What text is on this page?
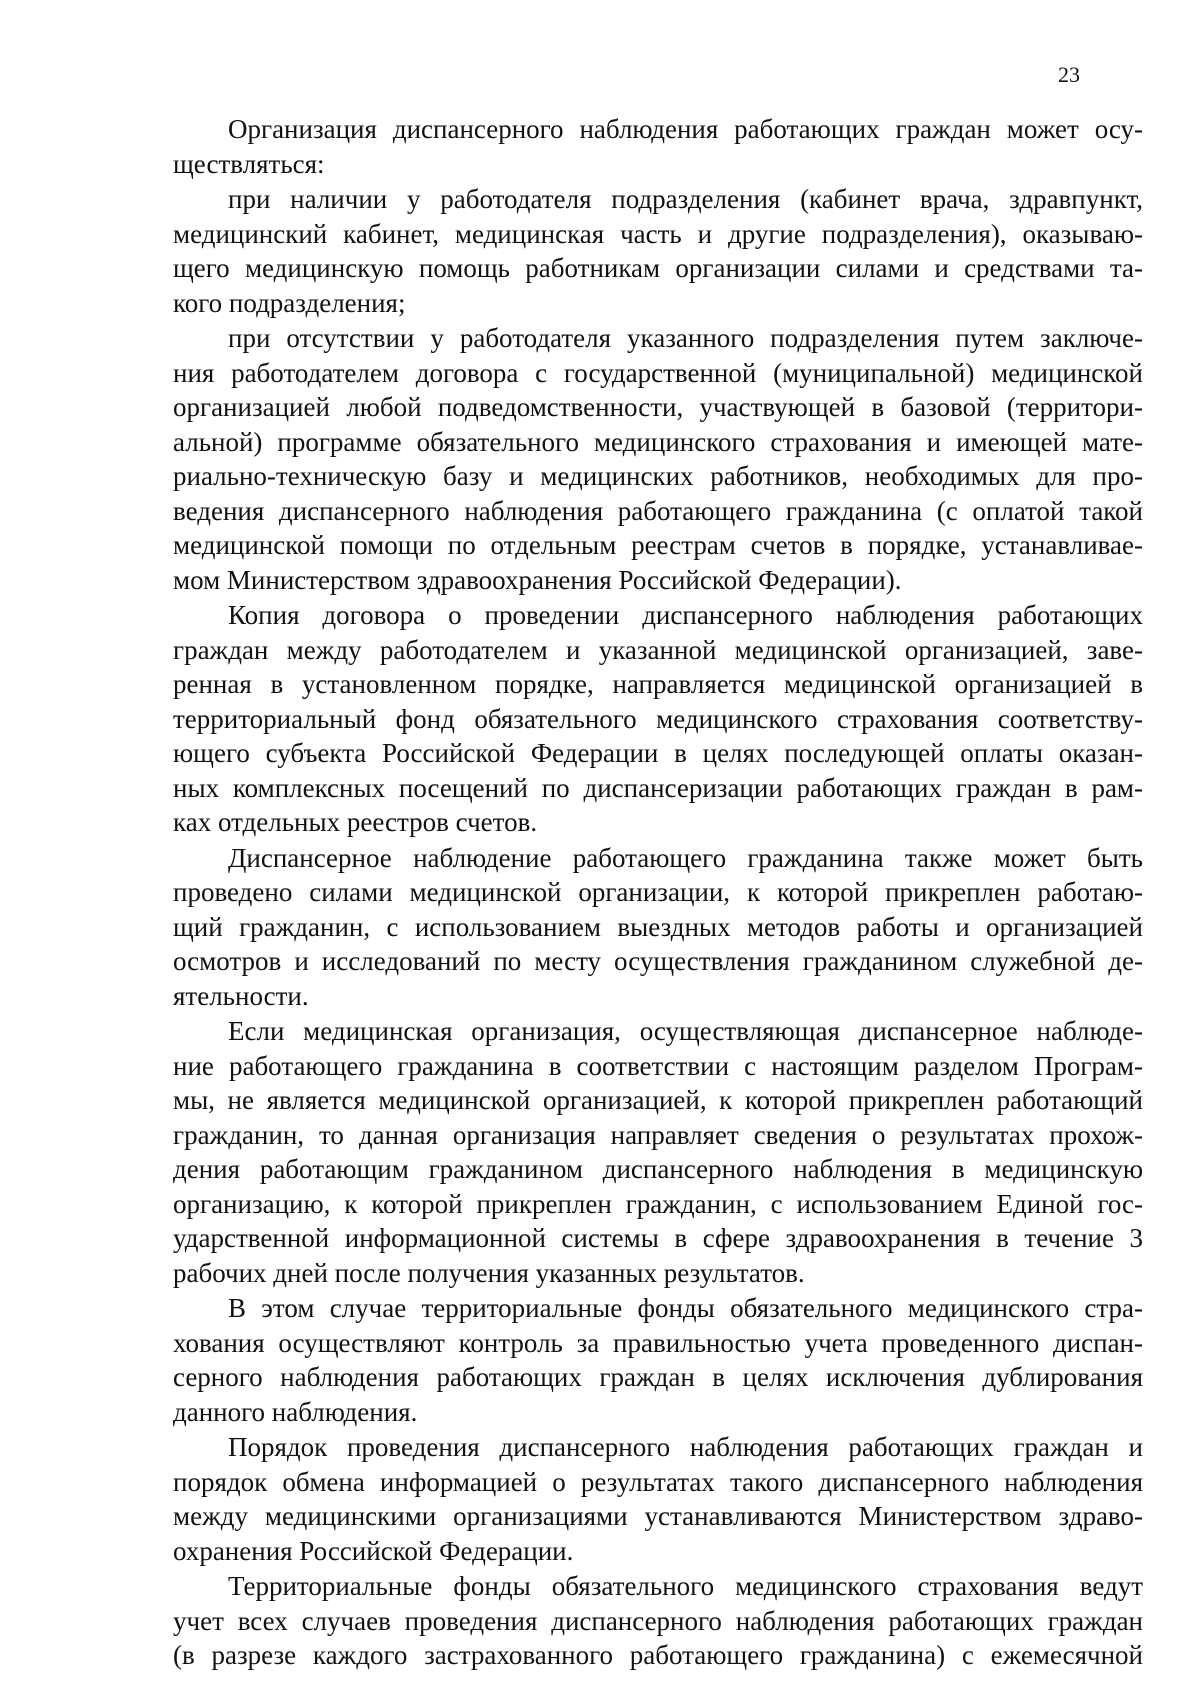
23
Организация диспансерного наблюдения работающих граждан может осу-
ществляться:
при наличии у работодателя подразделения (кабинет врача, здравпункт,
медицинский кабинет, медицинская часть и другие подразделения), оказываю-
щего медицинскую помощь работникам организации силами и средствами та-
кого подразделения;
при отсутствии у работодателя указанного подразделения путем заключе-
ния работодателем договора с государственной (муниципальной) медицинской
организацией любой подведомственности, участвующей в базовой (территори-
альной) программе обязательного медицинского страхования и имеющей мате-
риально-техническую базу и медицинских работников, необходимых для про-
ведения диспансерного наблюдения работающего гражданина (с оплатой такой
медицинской помощи по отдельным реестрам счетов в порядке, устанавливае-
мом Министерством здравоохранения Российской Федерации).
Копия договора о проведении диспансерного наблюдения работающих
граждан между работодателем и указанной медицинской организацией, заве-
ренная в установленном порядке, направляется медицинской организацией в
территориальный фонд обязательного медицинского страхования соответству-
ющего субъекта Российской Федерации в целях последующей оплаты оказан-
ных комплексных посещений по диспансеризации работающих граждан в рам-
ках отдельных реестров счетов.
Диспансерное наблюдение работающего гражданина также может быть
проведено силами медицинской организации, к которой прикреплен работаю-
щий гражданин, с использованием выездных методов работы и организацией
осмотров и исследований по месту осуществления гражданином служебной де-
ятельности.
Если медицинская организация, осуществляющая диспансерное наблюде-
ние работающего гражданина в соответствии с настоящим разделом Програм-
мы, не является медицинской организацией, к которой прикреплен работающий
гражданин, то данная организация направляет сведения о результатах прохож-
дения работающим гражданином диспансерного наблюдения в медицинскую
организацию, к которой прикреплен гражданин, с использованием Единой гос-
ударственной информационной системы в сфере здравоохранения в течение 3
рабочих дней после получения указанных результатов.
В этом случае территориальные фонды обязательного медицинского стра-
хования осуществляют контроль за правильностью учета проведенного диспан-
серного наблюдения работающих граждан в целях исключения дублирования
данного наблюдения.
Порядок проведения диспансерного наблюдения работающих граждан и
порядок обмена информацией о результатах такого диспансерного наблюдения
между медицинскими организациями устанавливаются Министерством здраво-
охранения Российской Федерации.
Территориальные фонды обязательного медицинского страхования ведут
учет всех случаев проведения диспансерного наблюдения работающих граждан
(в разрезе каждого застрахованного работающего гражданина) с ежемесячной
